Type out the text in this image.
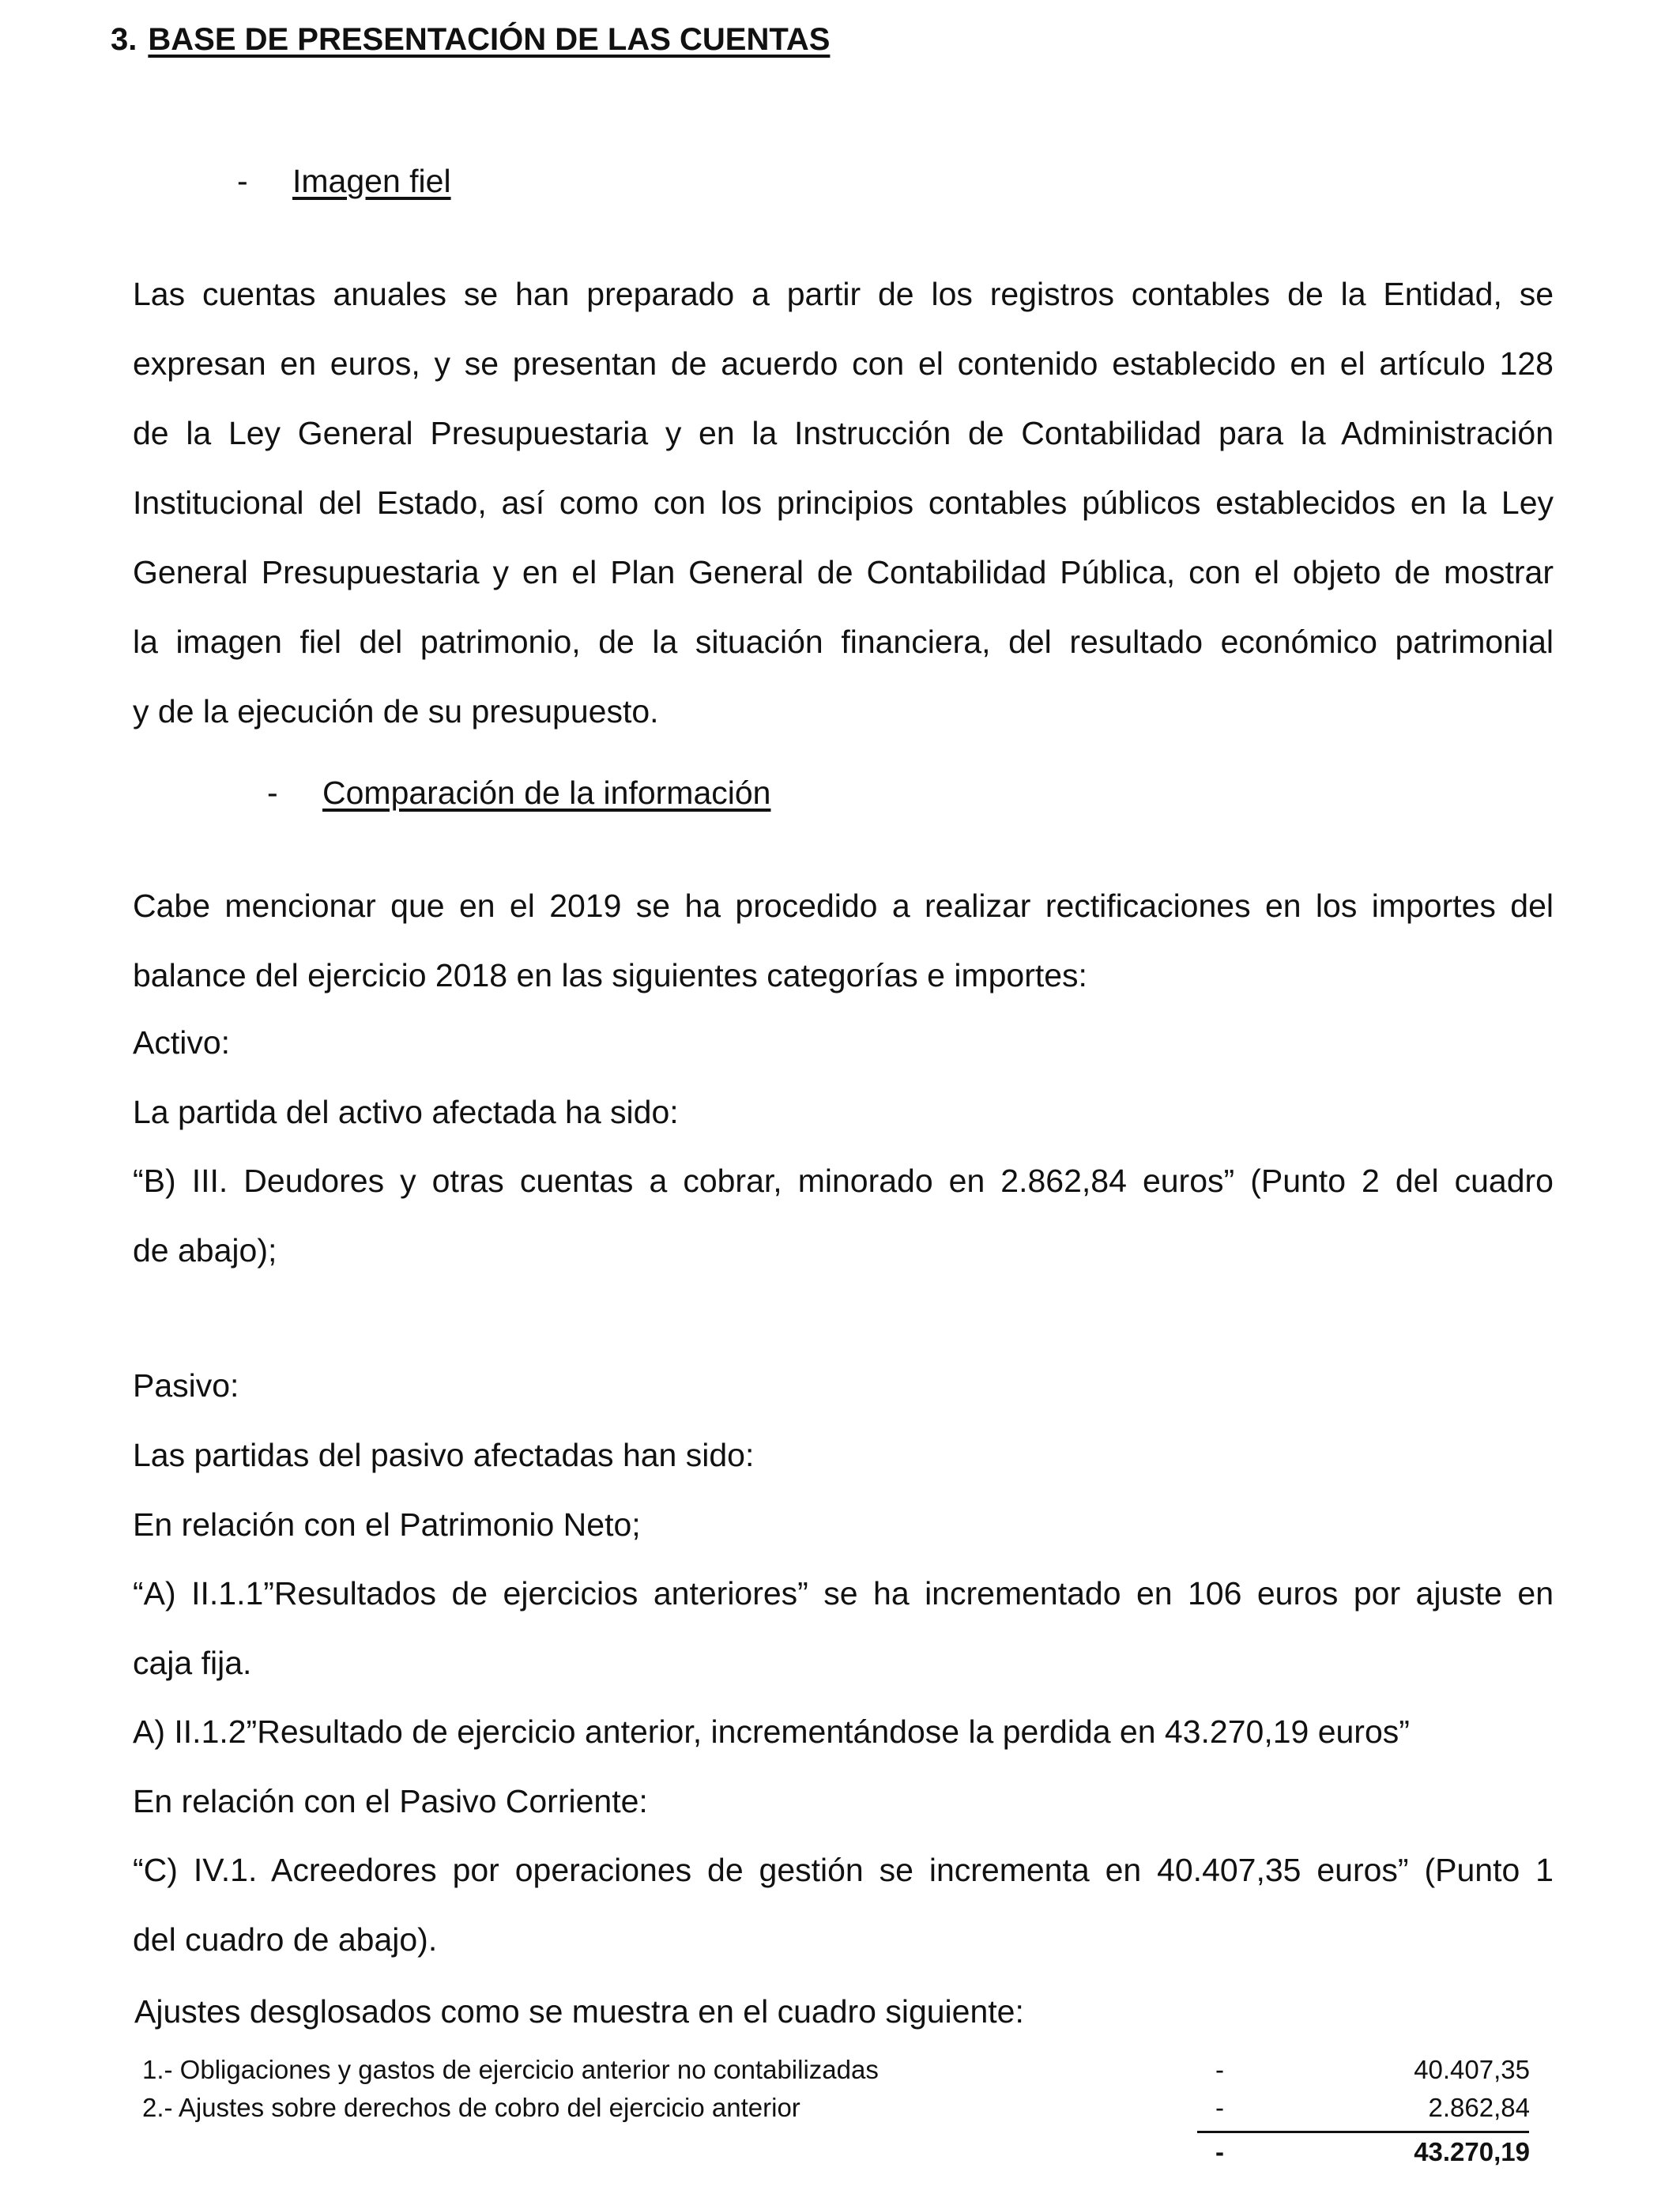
3. BASE DE PRESENTACIÓN DE LAS CUENTAS
- Imagen fiel
Las cuentas anuales se han preparado a partir de los registros contables de la Entidad, se
expresan en euros, y se presentan de acuerdo con el contenido establecido en el artículo 128
de la Ley General Presupuestaria y en la Instrucción de Contabilidad para la Administración
Institucional del Estado, así como con los principios contables públicos establecidos en la Ley
General Presupuestaria y en el Plan General de Contabilidad Pública, con el objeto de mostrar
la imagen fiel del patrimonio, de la situación financiera, del resultado económico patrimonial
y de la ejecución de su presupuesto.
- Comparación de la información
Cabe mencionar que en el 2019 se ha procedido a realizar rectificaciones en los importes del
balance del ejercicio 2018 en las siguientes categorías e importes:
Activo:
La partida del activo afectada ha sido:
“B) III. Deudores y otras cuentas a cobrar, minorado en 2.862,84 euros” (Punto 2 del cuadro
de abajo);
Pasivo:
Las partidas del pasivo afectadas han sido:
En relación con el Patrimonio Neto;
“A) II.1.1”Resultados de ejercicios anteriores” se ha incrementado en 106 euros por ajuste en
caja fija.
A) II.1.2”Resultado de ejercicio anterior, incrementándose la perdida en 43.270,19 euros”
En relación con el Pasivo Corriente:
“C) IV.1. Acreedores por operaciones de gestión se incrementa en 40.407,35 euros” (Punto 1
del cuadro de abajo).
Ajustes desglosados como se muestra en el cuadro siguiente:
1.- Obligaciones y gastos de ejercicio anterior no contabilizadas	-	40.407,35
2.- Ajustes sobre derechos de cobro del ejercicio anterior	-	2.862,84
-	43.270,19
